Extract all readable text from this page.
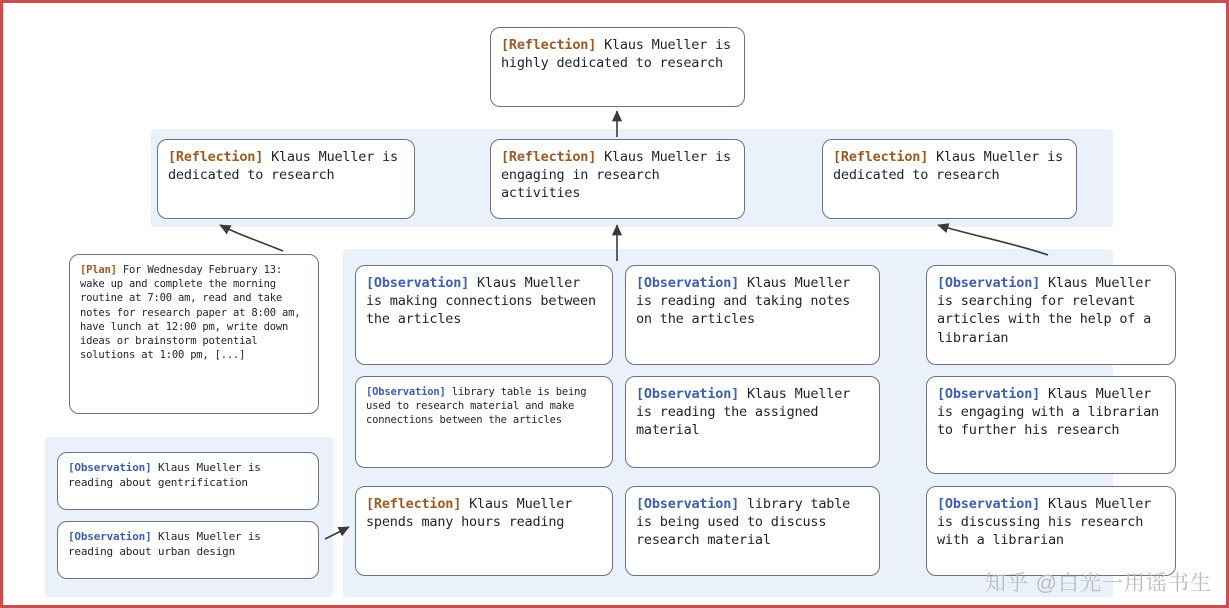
[Reflection] Klaus Mueller is highly dedicated to research
[Reflection] Klaus Mueller is dedicated to research
[Reflection] Klaus Mueller is engaging in research activities
[Reflection] Klaus Mueller is dedicated to research
[Plan] For Wednesday February 13: wake up and complete the morning routine at 7:00 am, read and take notes for research paper at 8:00 am, have lunch at 12:00 pm, write down ideas or brainstorm potential solutions at 1:00 pm, [...]
[Observation] Klaus Mueller is reading about gentrification
[Observation] Klaus Mueller is reading about urban design
[Observation] Klaus Mueller is making connections between the articles
[Observation] library table is being used to research material and make connections between the articles
[Reflection] Klaus Mueller spends many hours reading
[Observation] Klaus Mueller is reading and taking notes on the articles
[Observation] Klaus Mueller is reading the assigned material
[Observation] library table is being used to discuss research material
[Observation] Klaus Mueller is searching for relevant articles with the help of a librarian
[Observation] Klaus Mueller is engaging with a librarian to further his research
[Observation] Klaus Mueller is discussing his research with a librarian
知乎 @白光一用谣书生
